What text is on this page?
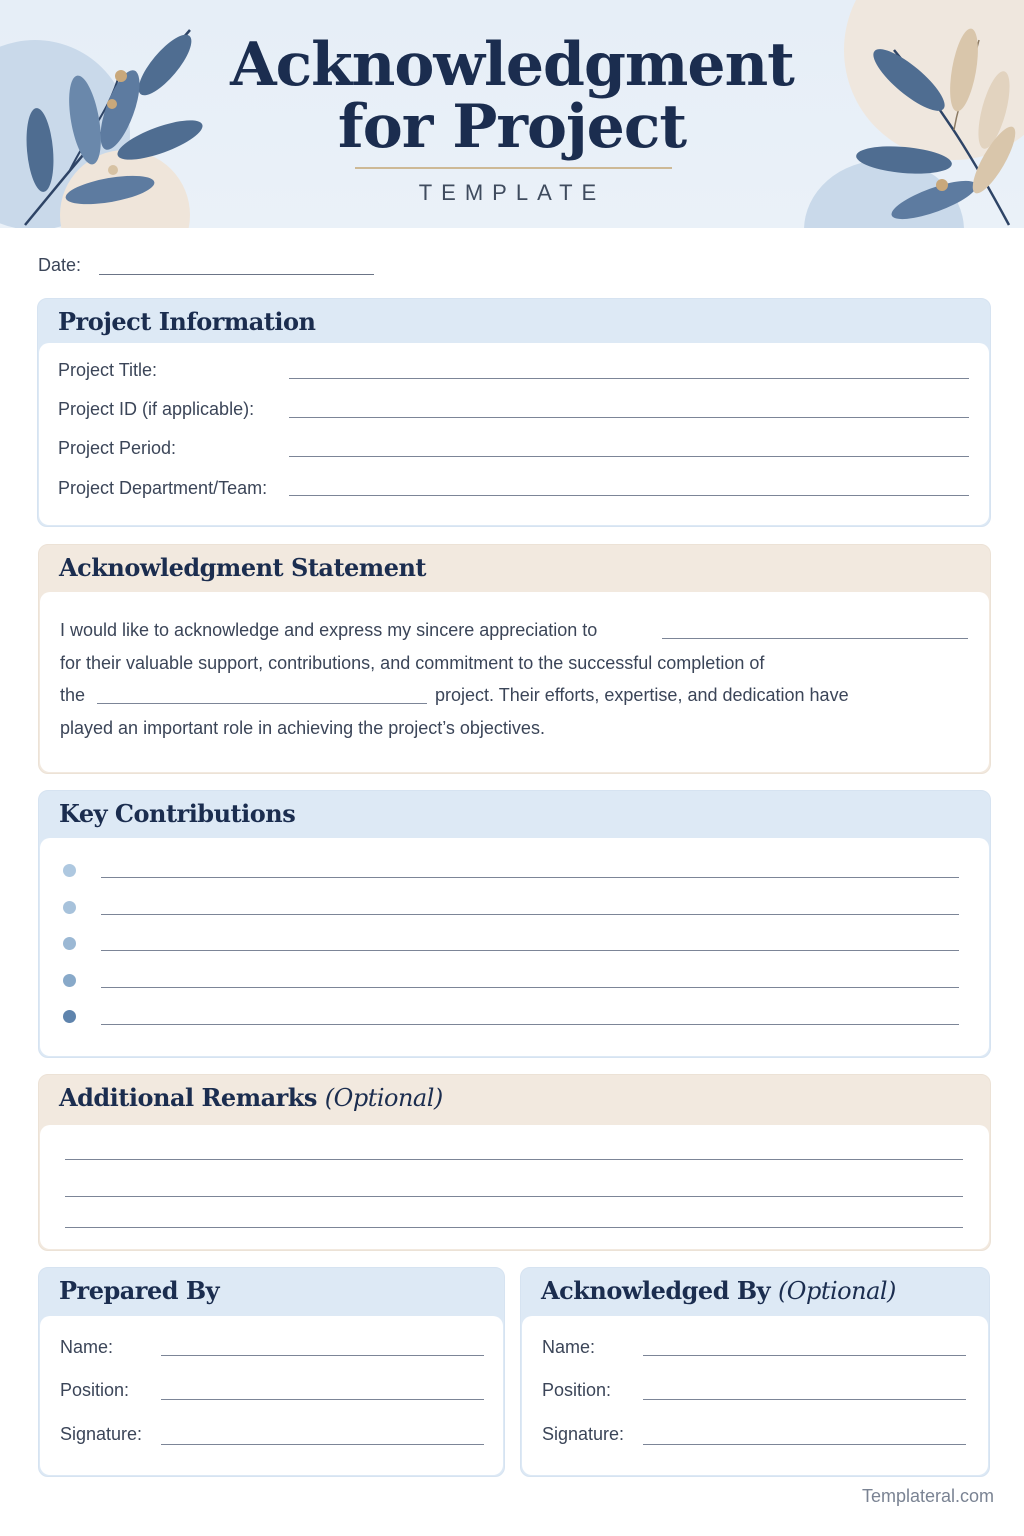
Acknowledgment
for Project
TEMPLATE
Date:
Project Information
Project Title:
Project ID (if applicable):
Project Period:
Project Department/Team:
Acknowledgment Statement
I would like to acknowledge and express my sincere appreciation to
for their valuable support, contributions, and commitment to the successful completion of
the	project. Their efforts, expertise, and dedication have
played an important role in achieving the project’s objectives.
Key Contributions
Additional Remarks (Optional)
Prepared By
Name:
Position:
Signature:
Acknowledged By (Optional)
Name:
Position:
Signature:
Templateral.com
